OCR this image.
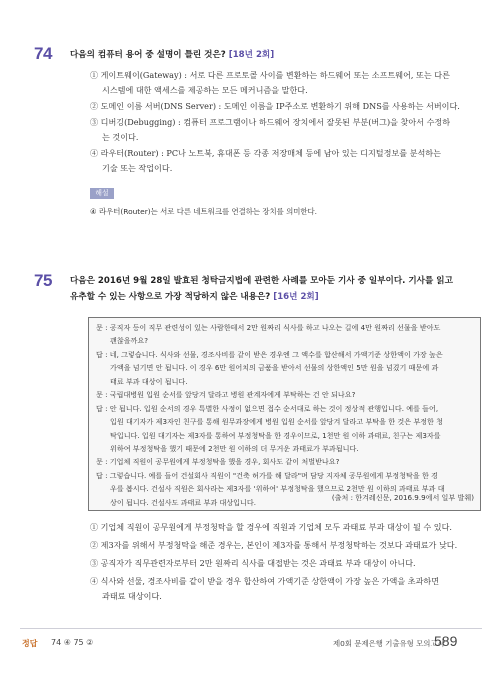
74 다음의 컴퓨터 용어 중 설명이 틀린 것은? [18년 2회]
① 게이트웨이(Gateway) : 서로 다른 프로토콜 사이를 변환하는 하드웨어 또는 소프트웨어, 또는 다른
시스템에 대한 액세스를 제공하는 모든 메커니즘을 말한다.
② 도메인 이름 서버(DNS Server) : 도메인 이름을 IP주소로 변환하기 위해 DNS를 사용하는 서버이다.
③ 디버깅(Debugging) : 컴퓨터 프로그램이나 하드웨어 장치에서 잘못된 부분(버그)을 찾아서 수정하
는 것이다.
④ 라우터(Router) : PC나 노트북, 휴대폰 등 각종 저장매체 등에 남아 있는 디지털정보를 분석하는
기술 또는 작업이다.
해설
④ 라우터(Router)는 서로 다른 네트워크를 연결하는 장치를 의미한다.
75 다음은 2016년 9월 28일 발효된 청탁금지법에 관련한 사례를 모아둔 기사 중 일부이다. 기사를 읽고
유추할 수 있는 사항으로 가장 적당하지 않은 내용은? [16년 2회]
문 : 공직자 등이 직무 관련성이 있는 사람한테서 2만 원짜리 식사를 하고 나오는 길에 4만 원짜리 선물을 받아도
괜찮을까요?
답 : 네, 그렇습니다. 식사와 선물, 경조사비를 같이 받은 경우엔 그 액수를 합산해서 가액기준 상한액이 가장 높은
가액을 넘기면 안 됩니다. 이 경우 6만 원어치의 금품을 받아서 선물의 상한액인 5만 원을 넘겼기 때문에 과
태료 부과 대상이 됩니다.
문 : 국립대병원 입원 순서를 앞당겨 달라고 병원 관계자에게 부탁하는 건 안 되나요?
답 : 안 됩니다. 입원 순서의 경우 특별한 사정이 없으면 접수 순서대로 하는 것이 정상적 관행입니다. 예를 들어,
입원 대기자가 제3자인 친구를 통해 원무과장에게 병원 입원 순서를 앞당겨 달라고 부탁을 한 것은 부정한 청
탁입니다. 입원 대기자는 제3자를 통하여 부정청탁을 한 경우이므로, 1천만 원 이하 과태료, 친구는 제3자를
위하여 부정청탁을 했기 때문에 2천만 원 이하의 더 무거운 과태료가 부과됩니다.
문 : 기업체 직원이 공무원에게 부정청탁을 했을 경우, 회사도 같이 처벌받나요?
답 : 그렇습니다. 예를 들어 건설회사 직원이 "건축 허가를 해 달라"며 담당 지자체 공무원에게 부정청탁을 한 경
우를 봅시다. 건설사 직원은 회사라는 제3자를 '위하여' 부정청탁을 했으므로 2천만 원 이하의 과태료 부과 대
상이 됩니다. 건설사도 과태료 부과 대상입니다.
(출처 : 한겨레신문, 2016.9.9에서 일부 발췌)
① 기업체 직원이 공무원에게 부정청탁을 할 경우에 직원과 기업체 모두 과태료 부과 대상이 될 수 있다.
② 제3자를 위해서 부정청탁을 해준 경우는, 본인이 제3자를 통해서 부정청탁하는 것보다 과태료가 낮다.
③ 공직자가 직무관련자로부터 2만 원짜리 식사를 대접받는 것은 과태료 부과 대상이 아니다.
④ 식사와 선물, 경조사비를 같이 받을 경우 합산하여 가액기준 상한액이 가장 높은 가액을 초과하면
과태료 대상이다.
정답 74 ④ 75 ②	제0회 문제은행 기출유형 모의고사
589
